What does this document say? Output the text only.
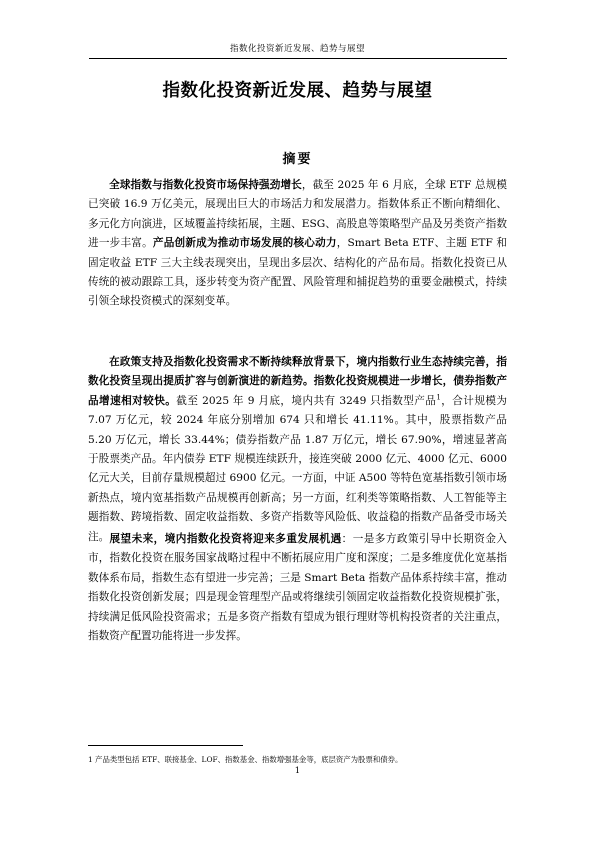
指数化投资新近发展、趋势与展望
指数化投资新近发展、趋势与展望
摘要

全球指数与指数化投资市场保持强劲增长，截至 2025 年 6 月底，全球 ETF 总规模已突破 16.9 万亿美元，展现出巨大的市场活力和发展潜力。指数体系正不断向精细化、多元化方向演进，区域覆盖持续拓展，主题、ESG、高股息等策略型产品及另类资产指数进一步丰富。产品创新成为推动市场发展的核心动力，Smart Beta ETF、主题 ETF 和固定收益 ETF 三大主线表现突出，呈现出多层次、结构化的产品布局。指数化投资已从传统的被动跟踪工具，逐步转变为资产配置、风险管理和捕捉趋势的重要金融模式，持续引领全球投资模式的深刻变革。

在政策支持及指数化投资需求不断持续释放背景下，境内指数行业生态持续完善，指数化投资呈现出提质扩容与创新演进的新趋势。指数化投资规模进一步增长，债券指数产品增速相对较快。截至 2025 年 9 月底，境内共有 3249 只指数型产品$^1$，合计规模为 7.07 万亿元，较 2024 年底分别增加 674 只和增长 41.11%。其中，股票指数产品 5.20 万亿元，增长 33.44%；债券指数产品 1.87 万亿元，增长 67.90%，增速显著高于股票类产品。年内债券 ETF 规模连续跃升，接连突破 2000 亿元、4000 亿元、6000 亿元大关，目前存量规模超过 6900 亿元。一方面，中证 A500 等特色宽基指数引领市场新热点，境内宽基指数产品规模再创新高；另一方面，红利类等策略指数、人工智能等主题指数、跨境指数、固定收益指数、多资产指数等风险低、收益稳的指数产品备受市场关注。 展望未来，境内指数化投资将迎来多重发展机遇：一是多方政策引导中长期资金入市，指数化投资在服务国家战略过程中不断拓展应用广度和深度；二是多维度优化宽基指数体系布局，指数生态有望进一步完善；三是 Smart Beta 指数产品体系持续丰富，推动指数化投资创新发展；四是现金管理型产品或将继续引领固定收益指数化投资规模扩张，持续满足低风险投资需求；五是多资产指数有望成为银行理财等机构投资者的关注重点，指数资产配置功能将进一步发挥。

1 产品类型包括 ETF、联接基金、LOF、指数基金、指数增强基金等，底层资产为股票和债券。
1
